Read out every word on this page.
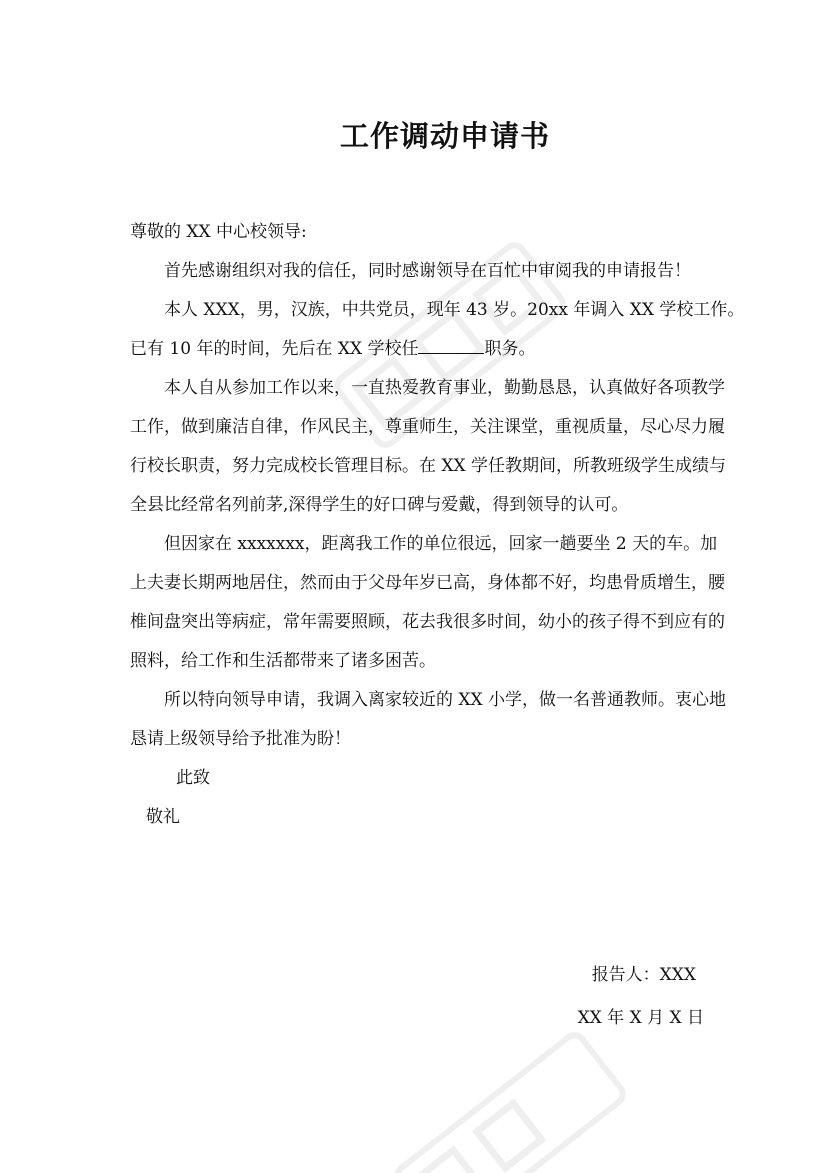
工作调动申请书
尊敬的 XX 中心校领导:
首先感谢组织对我的信任，同时感谢领导在百忙中审阅我的申请报告！
本人 XXX，男，汉族，中共党员，现年 43 岁。20xx 年调入 XX 学校工作。
已有 10 年的时间，先后在 XX 学校任	职务。
本人自从参加工作以来，一直热爱教育事业，勤勤恳恳，认真做好各项教学
工作，做到廉洁自律，作风民主，尊重师生，关注课堂，重视质量，尽心尽力履
行校长职责，努力完成校长管理目标。在 XX 学任教期间，所教班级学生成绩与
全县比经常名列前茅,深得学生的好口碑与爱戴，得到领导的认可。
但因家在 xxxxxxx，距离我工作的单位很远，回家一趟要坐 2 天的车。加
上夫妻长期两地居住，然而由于父母年岁已高，身体都不好，均患骨质增生，腰
椎间盘突出等病症，常年需要照顾，花去我很多时间，幼小的孩子得不到应有的
照料，给工作和生活都带来了诸多困苦。
所以特向领导申请，我调入离家较近的 XX 小学，做一名普通教师。衷心地
恳请上级领导给予批准为盼！
此致
敬礼
报告人：XXX
XX 年 X 月 X 日
